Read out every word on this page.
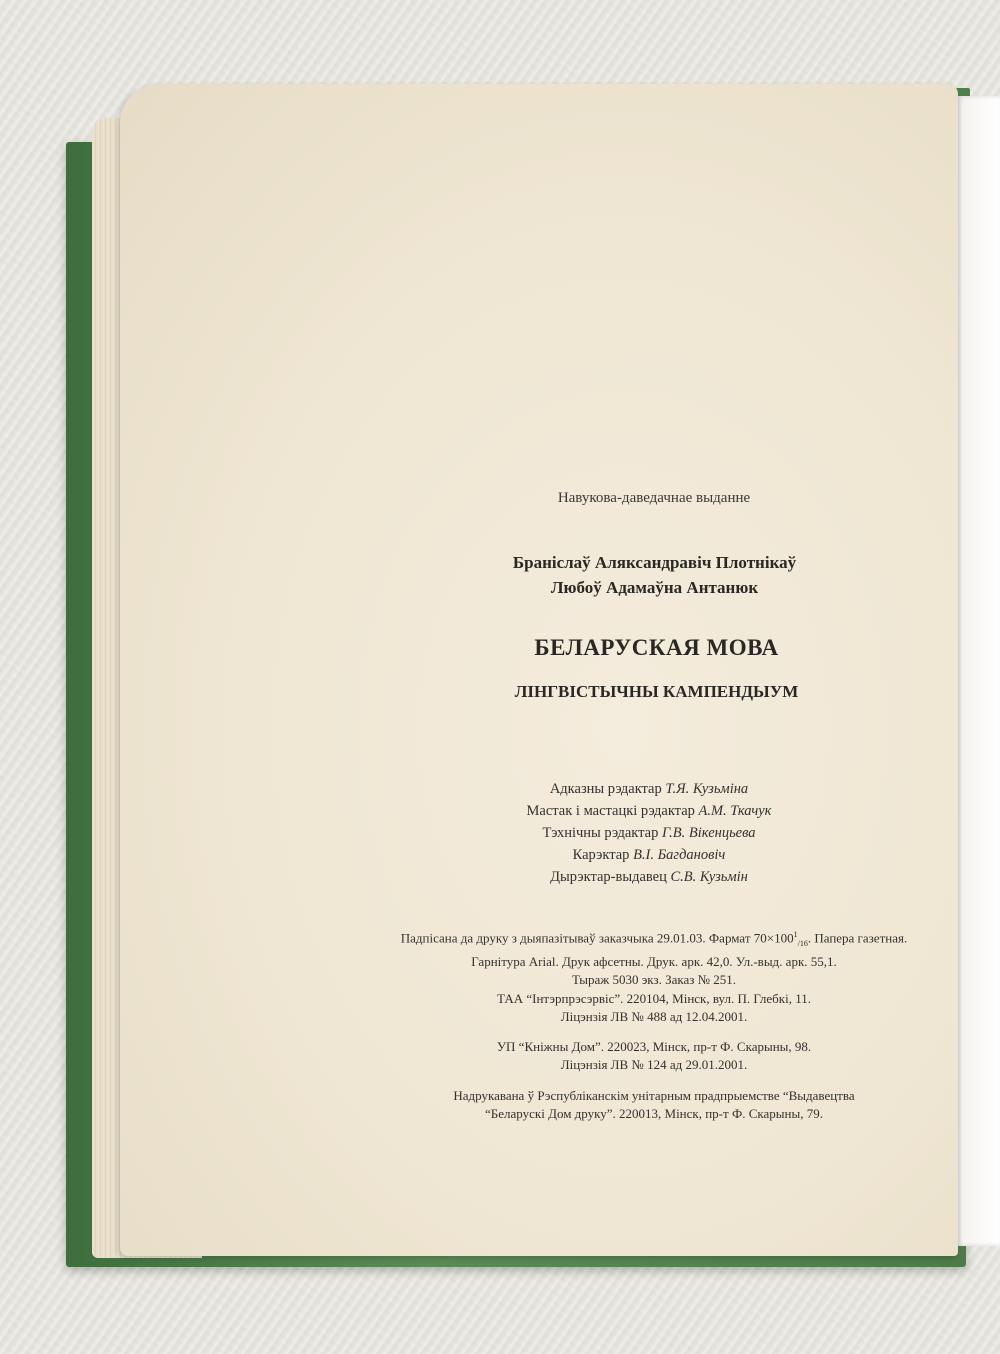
Навукова-даведачнае выданне
Браніслаў Аляксандравіч Плотнікаў
Любоў Адамаўна Антанюк
БЕЛАРУСКАЯ МОВА
ЛІНГВІСТЫЧНЫ КАМПЕНДЫУМ
Адказны рэдактар Т.Я. Кузьміна
Мастак і мастацкі рэдактар А.М. Ткачук
Тэхнічны рэдактар Г.В. Вікенцьева
Карэктар В.І. Багдановіч
Дырэктар-выдавец С.В. Кузьмін
Падпісана да друку з дыяпазітываў заказчыка 29.01.03. Фармат $70\times 100^1_{/16}$. Папера газетная.
Гарнітура Arial. Друк афсетны. Друк. арк. 42,0. Ул.-выд. арк. 55,1.
Тыраж 5030 экз. Заказ № 251.
ТАА “Інтэрпрэсэрвіс”. 220104, Мінск, вул. П. Глебкі, 11.
Ліцэнзія ЛВ № 488 ад 12.04.2001.
УП “Кніжны Дом”. 220023, Мінск, пр-т Ф. Скарыны, 98.
Ліцэнзія ЛВ № 124 ад 29.01.2001.
Надрукавана ў Рэспубліканскім унітарным прадпрыемстве “Выдавецтва
“Беларускі Дом друку”. 220013, Мінск, пр-т Ф. Скарыны, 79.
